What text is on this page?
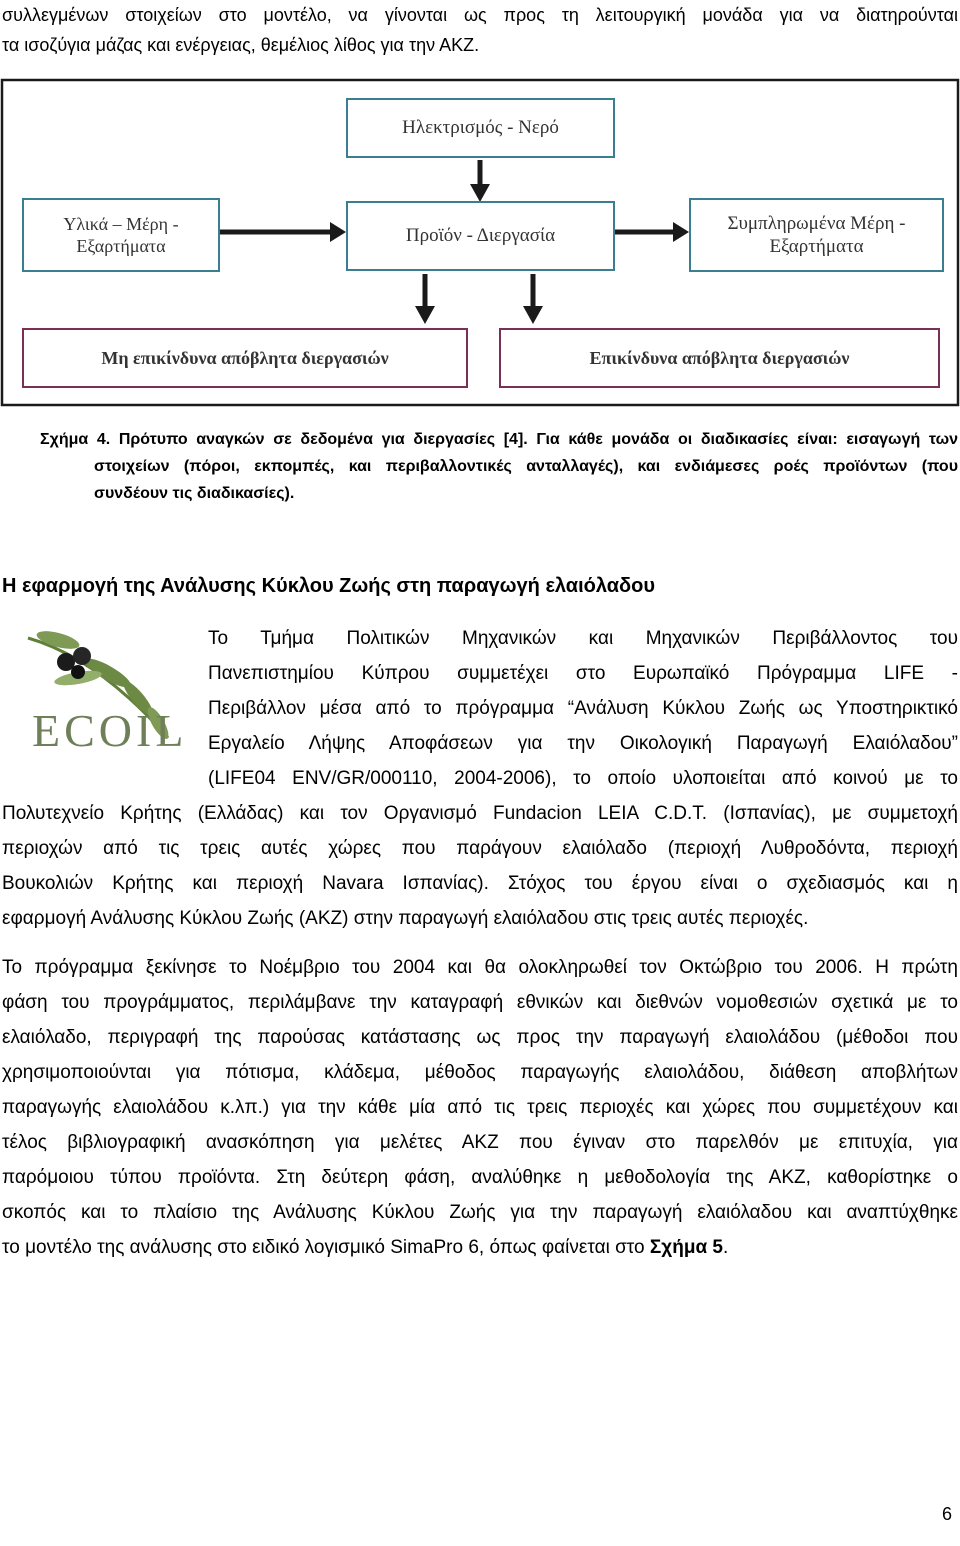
συλλεγμένων στοιχείων στο μοντέλο, να γίνονται ως προς τη λειτουργική μονάδα για να διατηρούνται
τα ισοζύγια μάζας και ενέργειας, θεμέλιος λίθος για την ΑΚΖ.
Ηλεκτρισμός - Νερό
Υλικά – Μέρη -
Εξαρτήματα	Προϊόν - Διεργασία
Συμπληρωμένα Μέρη -
Εξαρτήματα
Μη επικίνδυνα απόβλητα διεργασιών	Επικίνδυνα απόβλητα διεργασιών
Σχήμα 4. Πρότυπο αναγκών σε δεδομένα για διεργασίες [4]. Για κάθε μονάδα οι διαδικασίες είναι: εισαγωγή των
στοιχείων (πόροι, εκπομπές, και περιβαλλοντικές ανταλλαγές), και ενδιάμεσες ροές προϊόντων (που
συνδέουν τις διαδικασίες).
Η εφαρμογή της Ανάλυσης Κύκλου Ζωής στη παραγωγή ελαιόλαδου
ECOIL
Το Τμήμα Πολιτικών Μηχανικών και Μηχανικών Περιβάλλοντος του
Πανεπιστημίου Κύπρου συμμετέχει στο Ευρωπαϊκό Πρόγραμμα LIFE -
Περιβάλλον μέσα από το πρόγραμμα “Ανάλυση Κύκλου Ζωής ως Υποστηρικτικό
Εργαλείο Λήψης Αποφάσεων για την Οικολογική Παραγωγή Ελαιόλαδου”
(LIFE04 ENV/GR/000110, 2004-2006), το οποίο υλοποιείται από κοινού με το
Πολυτεχνείο Κρήτης (Ελλάδας) και τον Οργανισμό Fundacion LEIA C.D.T. (Ισπανίας), με συμμετοχή
περιοχών από τις τρεις αυτές χώρες που παράγουν ελαιόλαδο (περιοχή Λυθροδόντα, περιοχή
Βουκολιών Κρήτης και περιοχή Navara Ισπανίας). Στόχος του έργου είναι ο σχεδιασμός και η
εφαρμογή Ανάλυσης Κύκλου Ζωής (ΑΚΖ) στην παραγωγή ελαιόλαδου στις τρεις αυτές περιοχές.
Το πρόγραμμα ξεκίνησε το Νοέμβριο του 2004 και θα ολοκληρωθεί τον Οκτώβριο του 2006. Η πρώτη
φάση του προγράμματος, περιλάμβανε την καταγραφή εθνικών και διεθνών νομοθεσιών σχετικά με το
ελαιόλαδο, περιγραφή της παρούσας κατάστασης ως προς την παραγωγή ελαιολάδου (μέθοδοι που
χρησιμοποιούνται για πότισμα, κλάδεμα, μέθοδος παραγωγής ελαιολάδου, διάθεση αποβλήτων
παραγωγής ελαιολάδου κ.λπ.) για την κάθε μία από τις τρεις περιοχές και χώρες που συμμετέχουν και
τέλος βιβλιογραφική ανασκόπηση για μελέτες ΑΚΖ που έγιναν στο παρελθόν με επιτυχία, για
παρόμοιου τύπου προϊόντα. Στη δεύτερη φάση, αναλύθηκε η μεθοδολογία της ΑΚΖ, καθορίστηκε ο
σκοπός και το πλαίσιο της Ανάλυσης Κύκλου Ζωής για την παραγωγή ελαιόλαδου και αναπτύχθηκε
το μοντέλο της ανάλυσης στο ειδικό λογισμικό SimaPro 6, όπως φαίνεται στο Σχήμα 5.
6
